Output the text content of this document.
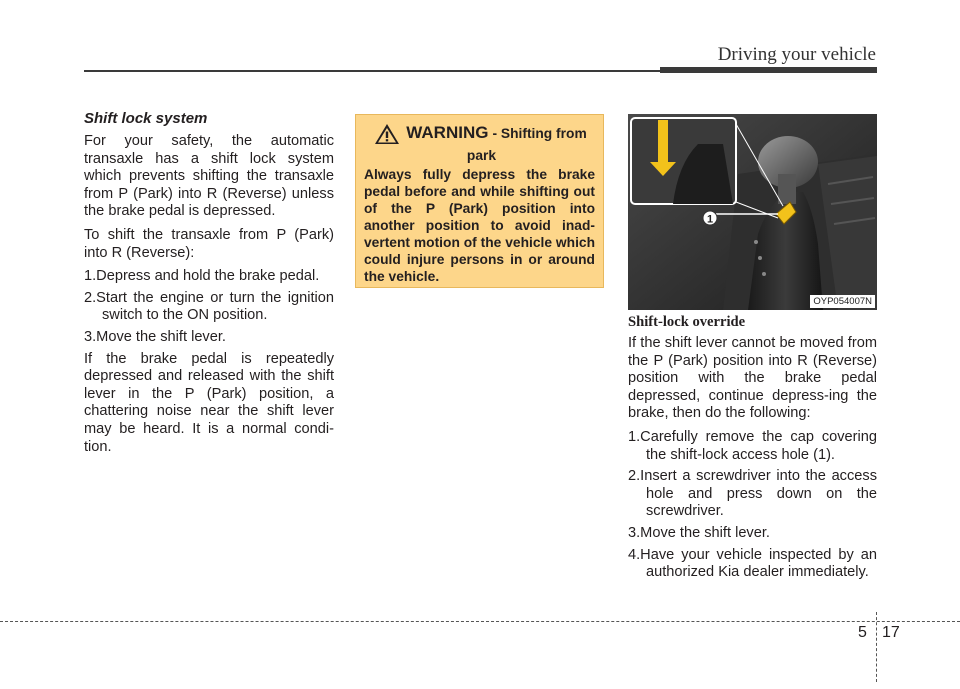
Driving your vehicle
Shift lock system

For your safety, the automatic transaxle has a shift lock system which prevents shifting the transaxle from P (Park) into R (Reverse) unless the brake pedal is depressed.

To shift the transaxle from P (Park) into R (Reverse):

1.Depress and hold the brake pedal.

2.Start the engine or turn the ignition switch to the ON position.

3.Move the shift lever.

If the brake pedal is repeatedly depressed and released with the shift lever in the P (Park) position, a chattering noise near the shift lever may be heard. It is a normal condi-tion.

WARNING - Shifting from
park

Always fully depress the brake pedal before and while shifting out of the P (Park) position into another position to avoid inad-vertent motion of the vehicle which could injure persons in or around the vehicle.

1
OYP054007N
Shift-lock override

If the shift lever cannot be moved from the P (Park) position into R (Reverse) position with the brake pedal depressed, continue depress-ing the brake, then do the following:

1.Carefully remove the cap covering the shift-lock access hole (1).

2.Insert a screwdriver into the access hole and press down on the screwdriver.

3.Move the shift lever.

4.Have your vehicle inspected by an authorized Kia dealer immediately.

5 17
